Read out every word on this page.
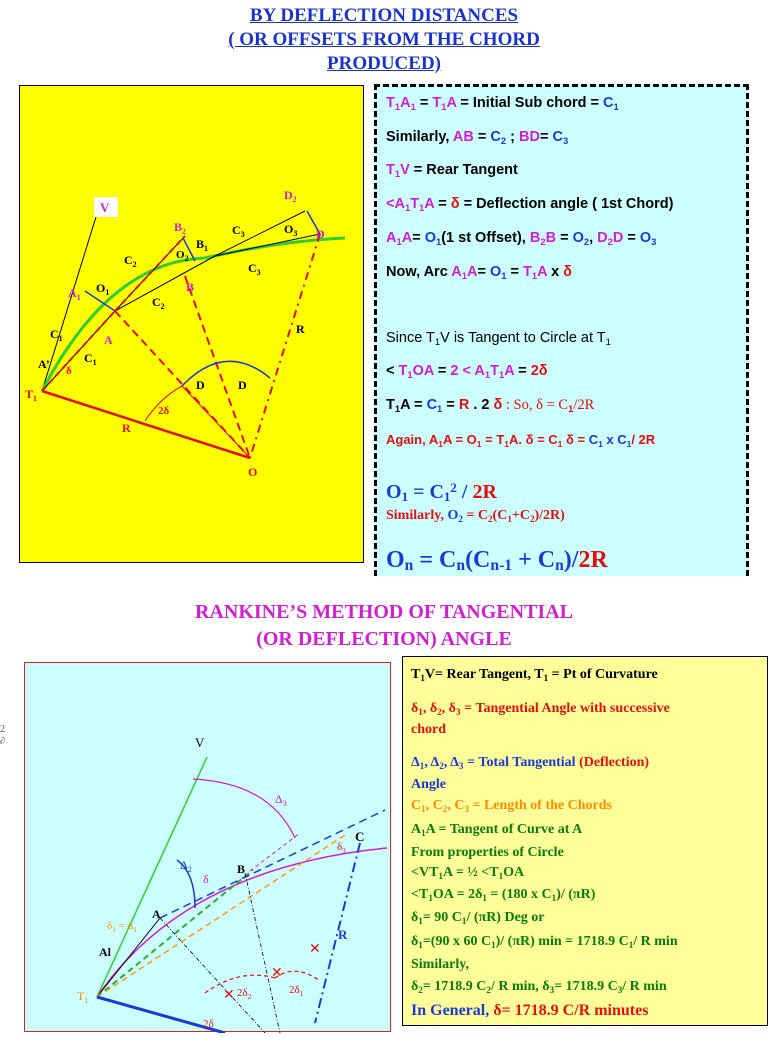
BY DEFLECTION DISTANCES
( OR OFFSETS FROM THE CHORD
PRODUCED)
V
$T_1$
A’ δ
$A_1$
A
$O_1$
$C_1$
$C_1$
$C_2$
$C_2$
$B_2$
$B_1$
$O_2$
B
$C_3$
$C_3$
$D_2$
$O_3$ D
R
D	D
2δ
R
O
$T_1A_1 = T_1A$ = Initial Sub chord = $C_1$
Similarly, AB = $C_2$ ; $BD= C_3$
$T_1V$ = Rear Tangent
$<A_1T_1A = \delta$ = Deflection angle ( 1st Chord)
$A_1A= O_1(1$ st Offset), $B_2B = O_2$, $D_2D = O_3$
Now, Arc $A_1A= O_1 = T_1A$ x δ
Since $T_1V$ is Tangent to Circle at $T_1$
< $T_1OA = 2 < A_1T_1A = 2\delta$
$T_1A = C_1 = R$ . 2 δ : So, $\delta = C_1/2R$
Again, $A_1A = O_1 = T_1A$. $\delta = C_1$ $\delta = C_1$ x $C_1/$ 2R
$O_1 = C_1^2 / 2R$
Similarly, $O_2 = C_2(C_1+C_2)/2R$)
$O_n = C_n(C_{n-1} + C_n)/2R$
RANKINE’S METHOD OF TANGENTIAL
(OR DEFLECTION) ANGLE
2 ∂
✕
✕
✕
V
$\Delta_3$
$\Delta_2$	B
δ
A
$\delta_1 = \Delta_1$
Al
$T_1$
C
$\delta_3$
R
$2\delta_2$
$2\delta_1$
2δ
$T_1V=$ Rear Tangent, $T_1 = Pt$ of Curvature
$\delta_1$, $\delta_2$, $\delta_3$ = Tangential Angle with successive
chord
$\Delta_1$, $\Delta_2$, $\Delta_3$ = Total Tangential (Deflection)
Angle
$C_1$, $C_2$, $C_3$ = Length of the Chords
$A_1A$ = Tangent of Curve at A
From properties of Circle
$<VT_1A$ = ½ $<T_1OA$
$<T_1OA = 2\delta_1 = (180$ x $C_1)/$ (πR)
$\delta_1= 90$ $C_1/$ (πR) Deg or
$\delta_1=(90$ x 60 $C_1)/$ (πR) min = 1718.9 $C_1/$ R min
Similarly,
$\delta_2= 1718.9$ $C_2/$ R min, $\delta_3= 1718.9$ $C_3/$ R min
In General, δ= 1718.9 C/R minutes
